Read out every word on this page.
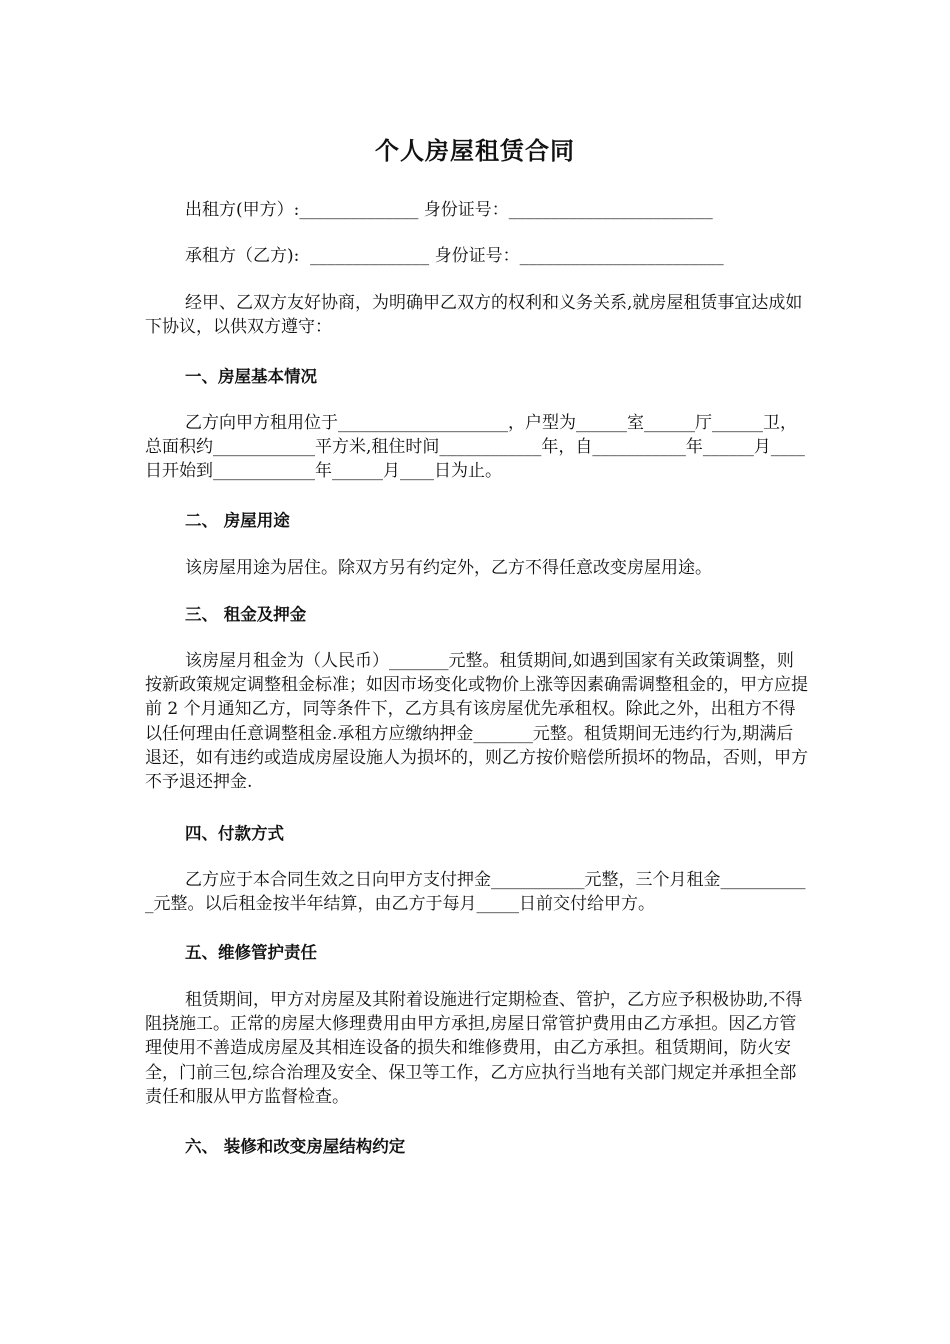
个人房屋租赁合同
出租方(甲方）:______________ 身份证号：________________________
承租方（乙方):  ______________ 身份证号：________________________

经甲、乙双方友好协商，为明确甲乙双方的权利和义务关系,就房屋租赁事宜达成如下协议，以供双方遵守：

一、房屋基本情况

乙方向甲方租用位于____________________，户型为______室______厅______卫，总面积约____________平方米,租住时间____________年，自___________年______月____日开始到____________年______月____日为止。

二、 房屋用途

该房屋用途为居住。除双方另有约定外，乙方不得任意改变房屋用途。

三、 租金及押金

该房屋月租金为（人民币）_______元整。租赁期间,如遇到国家有关政策调整，则按新政策规定调整租金标准；如因市场变化或物价上涨等因素确需调整租金的，甲方应提前 2 个月通知乙方，同等条件下，乙方具有该房屋优先承租权。除此之外，出租方不得以任何理由任意调整租金.承租方应缴纳押金_______元整。租赁期间无违约行为,期满后退还，如有违约或造成房屋设施人为损坏的，则乙方按价赔偿所损坏的物品，否则，甲方不予退还押金.

四、付款方式

乙方应于本合同生效之日向甲方支付押金___________元整，三个月租金___________元整。以后租金按半年结算，由乙方于每月_____日前交付给甲方。

五、维修管护责任

租赁期间，甲方对房屋及其附着设施进行定期检查、管护，乙方应予积极协助,不得阻挠施工。正常的房屋大修理费用由甲方承担,房屋日常管护费用由乙方承担。因乙方管理使用不善造成房屋及其相连设备的损失和维修费用，由乙方承担。租赁期间，防火安全，门前三包,综合治理及安全、保卫等工作，乙方应执行当地有关部门规定并承担全部责任和服从甲方监督检查。

六、 装修和改变房屋结构约定
